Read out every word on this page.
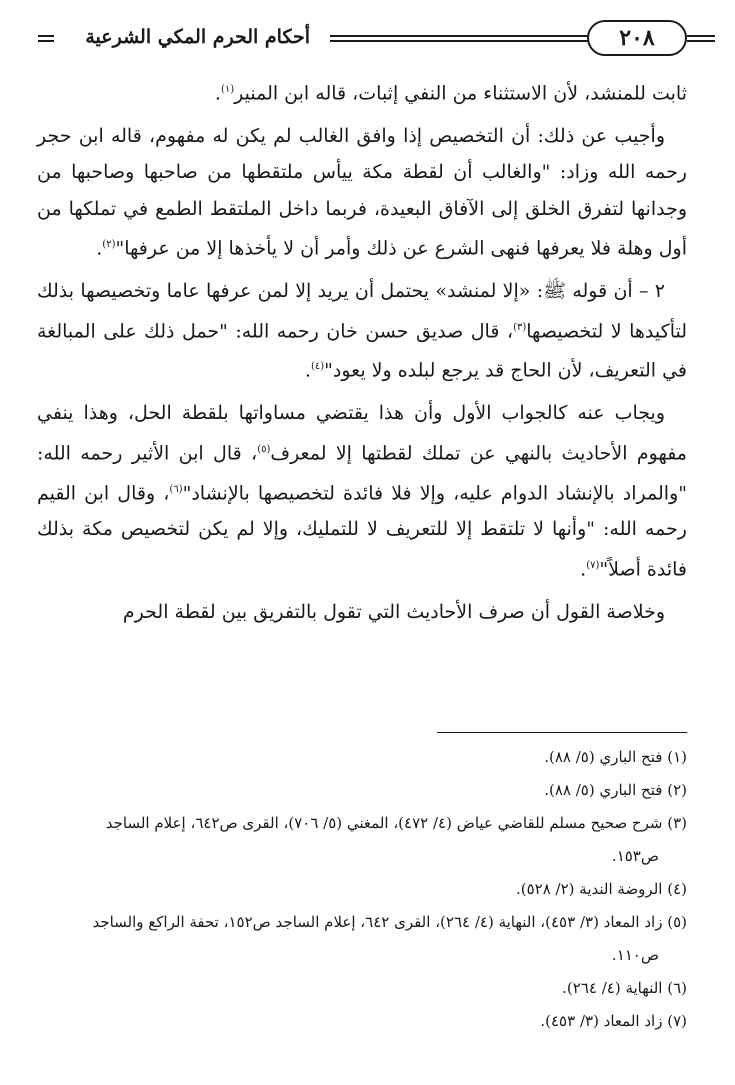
٢٠٨
أحكام الحرم المكي الشرعية

ثابت للمنشد، لأن الاستثناء من النفي إثبات، قاله ابن المنير$^{(١)}$.

وأجيب عن ذلك: أن التخصيص إذا وافق الغالب لم يكن له مفهوم، قاله ابن حجر رحمه الله وزاد: "والغالب أن لقطة مكة ييأس ملتقطها من صاحبها وصاحبها من وجدانها لتفرق الخلق إلى الآفاق البعيدة، فربما داخل الملتقط الطمع في تملكها من أول وهلة فلا يعرفها فنهى الشرع عن ذلك وأمر أن لا يأخذها إلا من عرفها"$^{(٢)}$.

٢ – أن قوله ﷺ: «إلا لمنشد» يحتمل أن يريد إلا لمن عرفها عاما وتخصيصها بذلك لتأكيدها لا لتخصيصها$^{(٣)}$، قال صديق حسن خان رحمه الله: "حمل ذلك على المبالغة في التعريف، لأن الحاج قد يرجع لبلده ولا يعود"$^{(٤)}$.

ويجاب عنه كالجواب الأول وأن هذا يقتضي مساواتها بلقطة الحل، وهذا ينفي مفهوم الأحاديث بالنهي عن تملك لقطتها إلا لمعرف$^{(٥)}$، قال ابن الأثير رحمه الله: "والمراد بالإنشاد الدوام عليه، وإلا فلا فائدة لتخصيصها بالإنشاد"$^{(٦)}$، وقال ابن القيم رحمه الله: "وأنها لا تلتقط إلا للتعريف لا للتمليك، وإلا لم يكن لتخصيص مكة بذلك فائدة أصلاً"$^{(٧)}$.

وخلاصة القول أن صرف الأحاديث التي تقول بالتفريق بين لقطة الحرم

(١) فتح الباري (٥/ ٨٨).

(٢) فتح الباري (٥/ ٨٨).

(٣) شرح صحيح مسلم للقاضي عياض (٤/ ٤٧٢)، المغني (٥/ ٧٠٦)، القرى ص٦٤٢، إعلام الساجد

ص١٥٣.

(٤) الروضة الندية (٢/ ٥٢٨).

(٥) زاد المعاد (٣/ ٤٥٣)، النهاية (٤/ ٢٦٤)، القرى ٦٤٢، إعلام الساجد ص١٥٢، تحفة الراكع والساجد

ص١١٠.

(٦) النهاية (٤/ ٢٦٤).

(٧) زاد المعاد (٣/ ٤٥٣).
